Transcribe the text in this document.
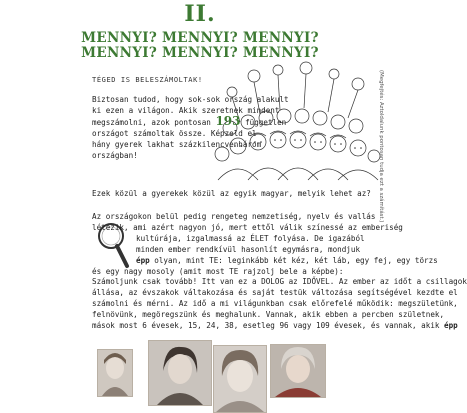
II.
MENNYI? MENNYI? MENNYI?
MENNYI? MENNYI? MENNYI?
TÉGED IS BELESZÁMOLTAK!	(Megfejtés: Aztoldalunk pontosan tudja ezt a számítást.)
Biztosan tudod, hogy sok-sok ország alakult
ki ezen a világon. Akik szeretnek mindent
megszámolni, azok pontosan 193 független
országot számoltak össze. Képzeld el
hány gyerek lakhat százkilencvenhárom
országban!
Ezek közül a gyerekek közül az egyik magyar, melyik lehet az?
Az országokon belül pedig rengeteg nemzetiség, nyelv és vallás
létezik, ami azért nagyon jó, mert ettől válik színessé az emberiség
kultúrája, izgalmassá az ÉLET folyása. De igazából
minden ember rendkívül hasonlít egymásra, mondjuk
épp olyan, mint TE: leginkább két kéz, két láb, egy fej, egy törzs
és egy nagy mosoly (amit most TE rajzolj bele a képbe):
Számoljunk csak tovább! Itt van ez a DOLOG az IDŐVEL. Az ember az időt a csillagok
állása, az évszakok váltakozása és saját testük változása segítségével kezdte el
számolni és mérni. Az idő a mi világunkban csak előrefelé működik: megszületünk,
felnövünk, megöregszünk és meghalunk. Vannak, akik ebben a percben születnek,
mások most 6 évesek, 15, 24, 38, esetleg 96 vagy 109 évesek, és vannak, akik épp
